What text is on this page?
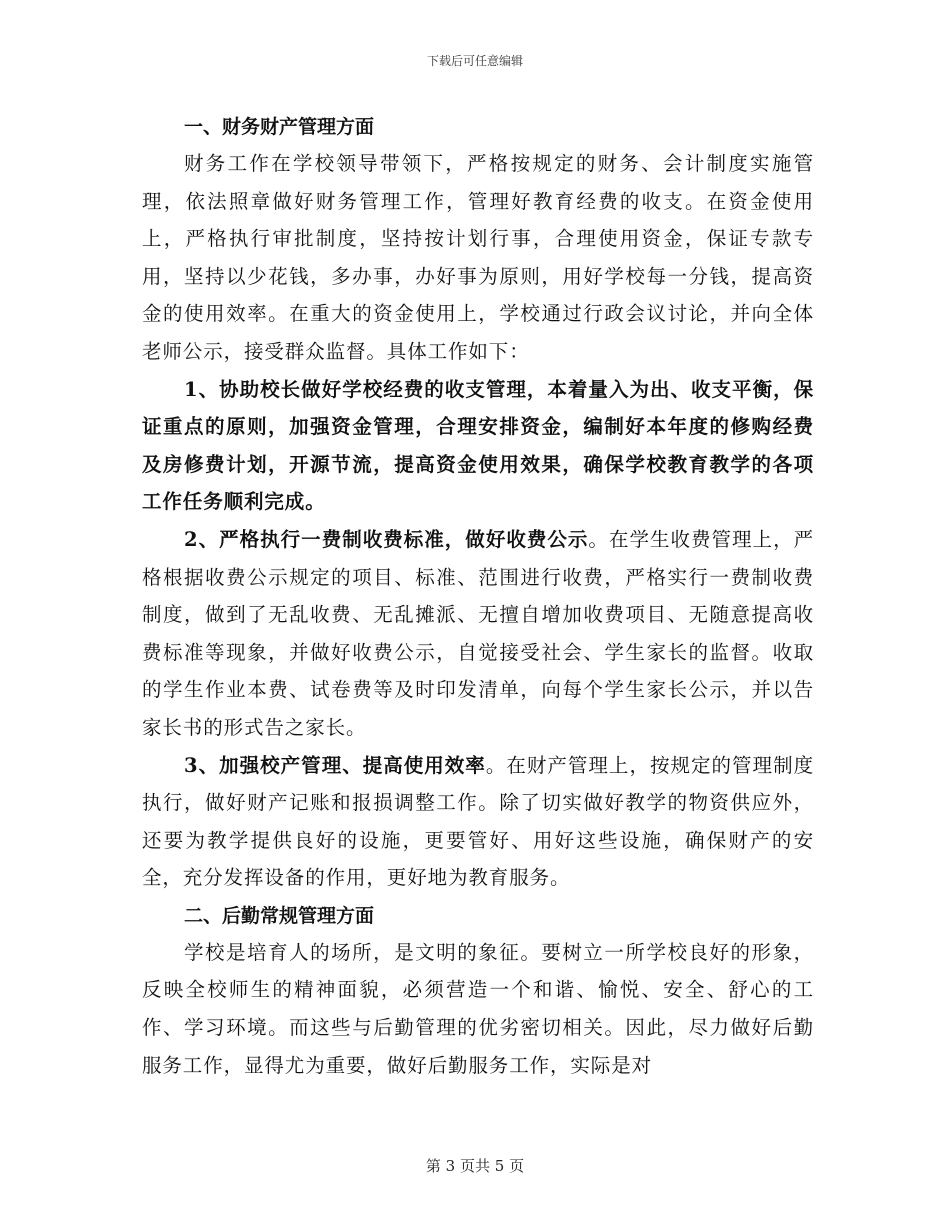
下载后可任意编辑

一、财务财产管理方面

财务工作在学校领导带领下，严格按规定的财务、会计制度实施管理，依法照章做好财务管理工作，管理好教育经费的收支。在资金使用上，严格执行审批制度，坚持按计划行事，合理使用资金，保证专款专用，坚持以少花钱，多办事，办好事为原则，用好学校每一分钱，提高资金的使用效率。在重大的资金使用上，学校通过行政会议讨论，并向全体老师公示，接受群众监督。具体工作如下：

1、协助校长做好学校经费的收支管理，本着量入为出、收支平衡，保证重点的原则，加强资金管理，合理安排资金，编制好本年度的修购经费及房修费计划，开源节流，提高资金使用效果，确保学校教育教学的各项工作任务顺利完成。

2、严格执行一费制收费标准，做好收费公示。在学生收费管理上，严格根据收费公示规定的项目、标准、范围进行收费，严格实行一费制收费制度，做到了无乱收费、无乱摊派、无擅自增加收费项目、无随意提高收费标准等现象，并做好收费公示，自觉接受社会、学生家长的监督。收取的学生作业本费、试卷费等及时印发清单，向每个学生家长公示，并以告家长书的形式告之家长。

3、加强校产管理、提高使用效率。在财产管理上，按规定的管理制度执行，做好财产记账和报损调整工作。除了切实做好教学的物资供应外，还要为教学提供良好的设施，更要管好、用好这些设施，确保财产的安全，充分发挥设备的作用，更好地为教育服务。

二、后勤常规管理方面

学校是培育人的场所，是文明的象征。要树立一所学校良好的形象，反映全校师生的精神面貌，必须营造一个和谐、愉悦、安全、舒心的工作、学习环境。而这些与后勤管理的优劣密切相关。因此，尽力做好后勤服务工作，显得尤为重要，做好后勤服务工作，实际是对

第 3 页共 5 页
